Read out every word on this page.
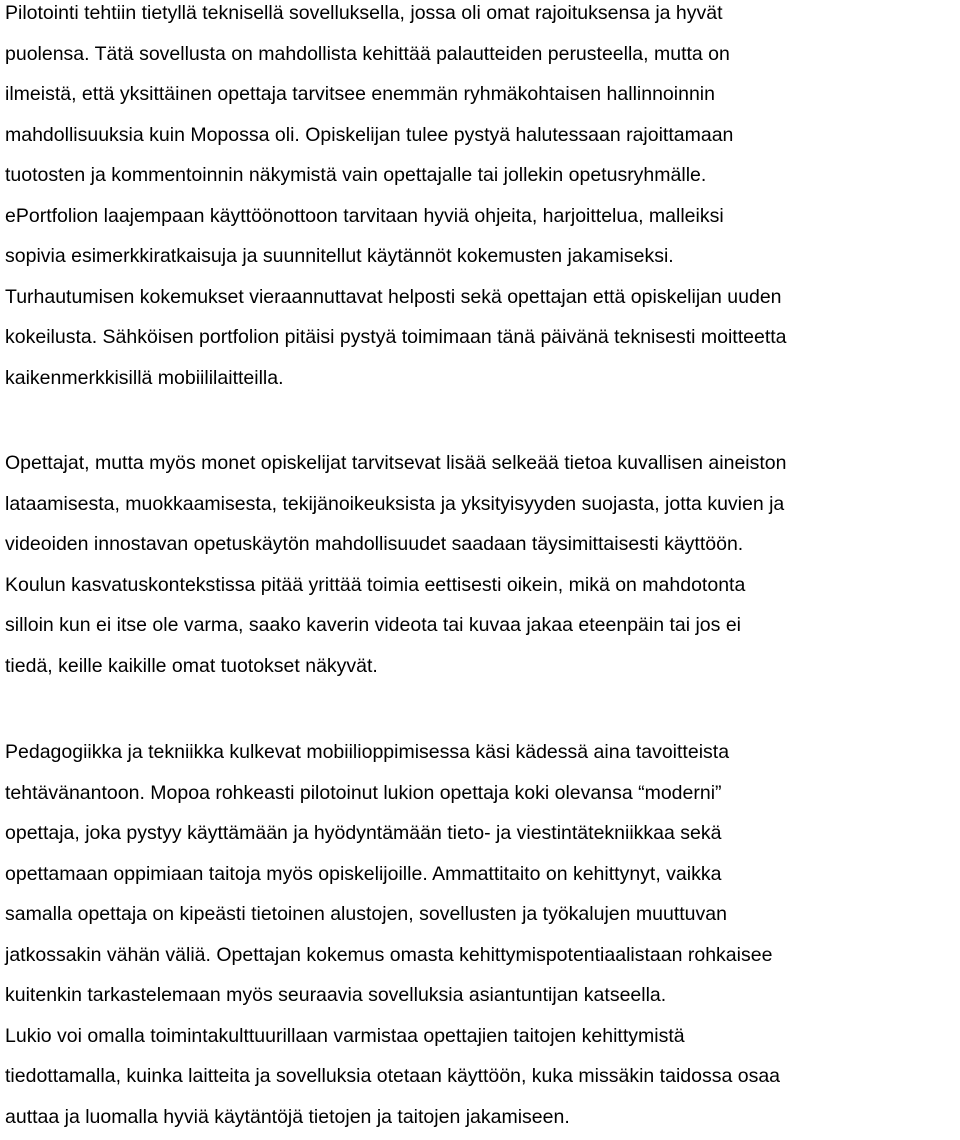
Pilotointi tehtiin tietyllä teknisellä sovelluksella, jossa oli omat rajoituksensa ja hyvät
puolensa. Tätä sovellusta on mahdollista kehittää palautteiden perusteella, mutta on
ilmeistä, että yksittäinen opettaja tarvitsee enemmän ryhmäkohtaisen hallinnoinnin
mahdollisuuksia kuin Mopossa oli. Opiskelijan tulee pystyä halutessaan rajoittamaan
tuotosten ja kommentoinnin näkymistä vain opettajalle tai jollekin opetusryhmälle.
ePortfolion laajempaan käyttöönottoon tarvitaan hyviä ohjeita, harjoittelua, malleiksi
sopivia esimerkkiratkaisuja ja suunnitellut käytännöt kokemusten jakamiseksi.
Turhautumisen kokemukset vieraannuttavat helposti sekä opettajan että opiskelijan uuden
kokeilusta. Sähköisen portfolion pitäisi pystyä toimimaan tänä päivänä teknisesti moitteetta
kaikenmerkkisillä mobiililaitteilla.
Opettajat, mutta myös monet opiskelijat tarvitsevat lisää selkeää tietoa kuvallisen aineiston
lataamisesta, muokkaamisesta, tekijänoikeuksista ja yksityisyyden suojasta, jotta kuvien ja
videoiden innostavan opetuskäytön mahdollisuudet saadaan täysimittaisesti käyttöön.
Koulun kasvatuskontekstissa pitää yrittää toimia eettisesti oikein, mikä on mahdotonta
silloin kun ei itse ole varma, saako kaverin videota tai kuvaa jakaa eteenpäin tai jos ei
tiedä, keille kaikille omat tuotokset näkyvät.
Pedagogiikka ja tekniikka kulkevat mobiilioppimisessa käsi kädessä aina tavoitteista
tehtävänantoon. Mopoa rohkeasti pilotoinut lukion opettaja koki olevansa “moderni”
opettaja, joka pystyy käyttämään ja hyödyntämään tieto- ja viestintätekniikkaa sekä
opettamaan oppimiaan taitoja myös opiskelijoille. Ammattitaito on kehittynyt, vaikka
samalla opettaja on kipeästi tietoinen alustojen, sovellusten ja työkalujen muuttuvan
jatkossakin vähän väliä. Opettajan kokemus omasta kehittymispotentiaalistaan rohkaisee
kuitenkin tarkastelemaan myös seuraavia sovelluksia asiantuntijan katseella.
Lukio voi omalla toimintakulttuurillaan varmistaa opettajien taitojen kehittymistä
tiedottamalla, kuinka laitteita ja sovelluksia otetaan käyttöön, kuka missäkin taidossa osaa
auttaa ja luomalla hyviä käytäntöjä tietojen ja taitojen jakamiseen.
